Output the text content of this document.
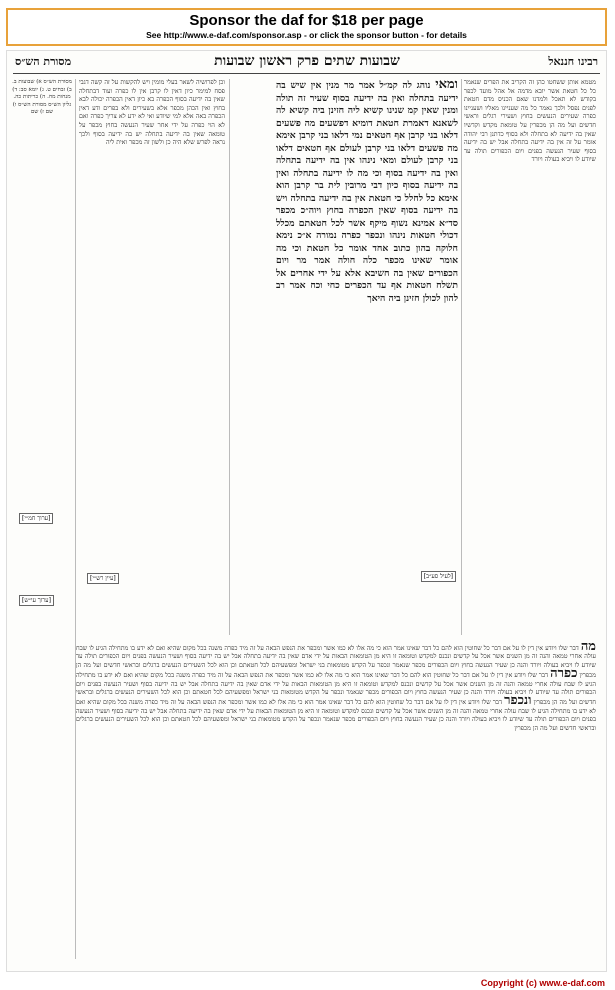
Sponsor the daf for $18 per page
See http://www.e-daf.com/sponsor.asp - or click the sponsor button - for details
רבינו חננאל
שבועות שתים פרק ראשון שבועות
מסורת הש״ס
מטמא אותן ששחטו כהן זה הקריב את הפרים שנאמר כל כל חטאת אשר יובא מדמה אל אהל מועד לכפר בקודש לא תאכל ולמדנו שאם הכניס מדם חטאת לפנים נפסל ולכך נאמר כל מה שעניינו מאליו ושעניינו כפרה שעירים הנעשים בחוץ ושעירי רגלים וראשי חדשים ועל מה הן מכפרין על טומאת מקדש וקדשיו שאין בה ידיעה לא בתחלה ולא בסוף כדתנן רבי יהודה אומר על זה אין בה ידיעה בתחלה אבל יש בה ידיעה בסוף שעיר הנעשה בפנים ויום הכפורים תולה עד שיודע לו ויביא בעולה ויורד
ומאי נוהג לה קמ״ל אמר מר מנין אין שיש בה ידיעה בתחלה ואין בה ידיעה בסוף שעיר זה תולה ומנין שאין קמ שנינו קשיא ליה חזינן ביה קשיא לה לשאנא דאמרת חטאת דומיא דפשעים מה פשעים דלאו בני קרבן אף חטאים נמי דלאו בני קרבן אימא מה פשעים דלאו בני קרבן לעולם אף חטאים דלאו בני קרבן לעולם ומאי נינהו אין בה ידיעה בתחלה ואין בה ידיעה בסוף וכי מה לו ידיעה בתחלה ואין בה ידיעה בסוף כיון דבי מרובין לית בר קרבן הוא אימא כל לחלל כי חטאת אין בה ידיעה בתחלה ויש בה ידיעה בסוף שאין הכפרה בחוץ ויוה״כ מכפר סד״א אמינא נשוף מיקף אשר לכל חטאתם מכלל דכולי חטאות נינהו ונכפר כפרה נמורה א״כ נימא חלוקה בהון כתוב אחד אומר כל חטאת וכי מה אומר שאינו מכפר כלה חולה אמר מר ויום הכפורים שאין בה חשיבא אלא על ידי אחרים אל תשלח חטאות אף עד הכפרים כחי וכח אמר רב להון לכולן חזינן ביה היאך
וכן לפרושיה לשאר בעלי מומין ויש להקשות על זה קשה דגבי פסח למימר כיון דאין לו קרבן אין לו כפרה ועוד דבתחלה שאין בה ידיעה בסוף הכפרה בא כיון דאין הכפרה יכולה לבא בחוץ ואין הכהן מכפר אלא בשעירים ולא בפרים ודע דאין הכפרה באה אלא למי שיודע ואי לא ידע לא צריך כפרה ואם לא הוי כפרה על ידי אחר שעיר הנעשה בחוץ מכפר על טומאה שאין בה ידיעה בתחלה יש בה ידיעה בסוף ולכך נראה לפרש שלא היה כן ולשון זה מכפר ואית ליה
מסורת הש״ס א) שבועות ב. ב) זבחים ט. ג) יומא סב: ד) מנחות מח. ה) כריתות כה. גליון הש״ס מסורת הש״ס ו) שם ז) שם
[ערוך חמ״י]
[ערוך עי״ש]
[עיין רש״י]	[לעיל סע״ב]
מה דבר שלו ויודע אין דין לו על אם דבר כל שחוטין הוא להם כל דבר שאינו אמר הוא כי מה אלו לא כמו אשר ומכפר את הנפש הבאה על זה מיד כפרה משנה בכל מקום שהיא ואם לא ידע בו מתחילה הגיע לו שבח עולה אחרי טמאה והנה זה מן השנים אשר אכל על קדשים ונכנס למקדש וטומאה זו היא מן הטומאות הבאות על ידי אדם שאין בה ידיעה בתחלה אבל יש בה ידיעה בסוף ושעיר הנעשה בפנים ויום הכפורים תולה עד שיודע לו ויביא בעולה ויורד והנה כן שעיר הנעשה בחוץ ויום הכפורים מכפר שנאמר ונכפר על הקדש מטומאות בני ישראל ומפשעיהם לכל חטאתם וכן הוא לכל השעירים הנעשים ברגלים ובראשי חדשים ועל מה הן מכפרין כפרה דבר שלו ויודע אין דין לו על אם דבר כל שחוטין הוא להם כל דבר שאינו אמר הוא כי מה אלו לא כמו אשר ומכפר את הנפש הבאה על זה מיד כפרה משנה בכל מקום שהיא ואם לא ידע בו מתחילה הגיע לו שבח עולה אחרי טמאה והנה זה מן השנים אשר אכל על קדשים ונכנס למקדש וטומאה זו היא מן הטומאות הבאות על ידי אדם שאין בה ידיעה בתחלה אבל יש בה ידיעה בסוף ושעיר הנעשה בפנים ויום הכפורים תולה עד שיודע לו ויביא בעולה ויורד והנה כן שעיר הנעשה בחוץ ויום הכפורים מכפר שנאמר ונכפר על הקדש מטומאות בני ישראל ומפשעיהם לכל חטאתם וכן הוא לכל השעירים הנעשים ברגלים ובראשי חדשים ועל מה הן מכפרין ונכפר דבר שלו ויודע אין דין לו על אם דבר כל שחוטין הוא להם כל דבר שאינו אמר הוא כי מה אלו לא כמו אשר ומכפר את הנפש הבאה על זה מיד כפרה משנה בכל מקום שהיא ואם לא ידע בו מתחילה הגיע לו שבח עולה אחרי טמאה והנה זה מן השנים אשר אכל על קדשים ונכנס למקדש וטומאה זו היא מן הטומאות הבאות על ידי אדם שאין בה ידיעה בתחלה אבל יש בה ידיעה בסוף ושעיר הנעשה בפנים ויום הכפורים תולה עד שיודע לו ויביא בעולה ויורד והנה כן שעיר הנעשה בחוץ ויום הכפורים מכפר שנאמר ונכפר על הקדש מטומאות בני ישראל ומפשעיהם לכל חטאתם וכן הוא לכל השעירים הנעשים ברגלים ובראשי חדשים ועל מה הן מכפרין
Copyright (c) www.e-daf.com
